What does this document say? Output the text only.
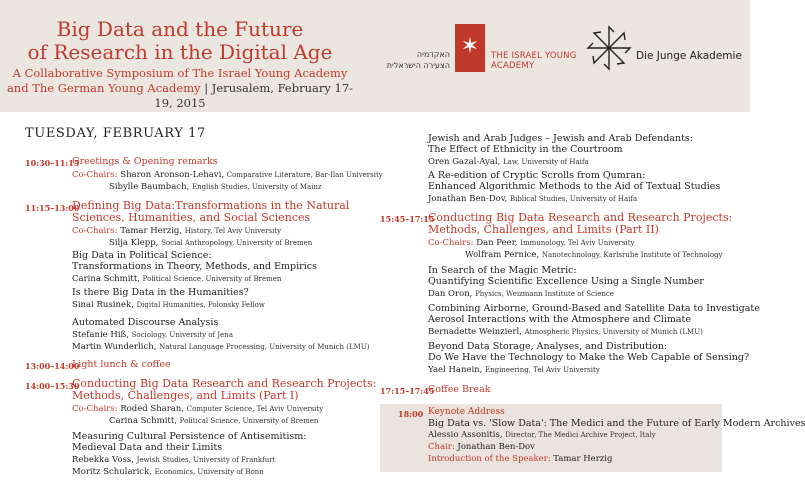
Big Data and the Future
of Research in the Digital Age
A Collaborative Symposium of The Israel Young Academy
and The German Young Academy | Jerusalem, February 17-19, 2015
✶
האקדמיה
הצעירה הישראלית
THE ISRAEL YOUNG
ACADEMY
Die Junge Akademie
TUESDAY, FEBRUARY 17
10:30–11:15
Greetings & Opening remarks
Co-Chairs: Sharon Aronson-Lehavi, Comparative Literature, Bar-Ilan University
Sibylle Baumbach, English Studies, University of Mainz
11:15–13:00
Defining Big Data:Transformations in the Natural
Sciences, Humanities, and Social Sciences
Co-Chairs: Tamar Herzig, History, Tel Aviv University
Silja Klepp, Social Anthropology, University of Bremen
Big Data in Political Science:
Transformations in Theory, Methods, and Empirics
Carina Schmitt, Political Science, University of Bremen
Is there Big Data in the Humanities?
Sinai Rusinek, Digital Humanities, Polonsky Fellow
Automated Discourse Analysis
Stefanie Hiß, Sociology, University of Jena
Martin Wunderlich, Natural Language Processing, University of Munich (LMU)
13:00–14:00
Light lunch & coffee
14:00–15:30
Conducting Big Data Research and Research Projects:
Methods, Challenges, and Limits (Part I)
Co-Chairs: Roded Sharan, Computer Science, Tel Aviv University
Carina Schmitt, Political Science, University of Bremen
Measuring Cultural Persistence of Antisemitism:
Medieval Data and their Limits
Rebekka Voss, Jewish Studies, University of Frankfurt
Moritz Schularick, Economics, University of Bonn
Jewish and Arab Judges – Jewish and Arab Defendants:
The Effect of Ethnicity in the Courtroom
Oren Gazal-Ayal, Law, University of Haifa
A Re-edition of Cryptic Scrolls from Qumran:
Enhanced Algorithmic Methods to the Aid of Textual Studies
Jonathan Ben-Dov, Biblical Studies, University of Haifa
15:45–17:15
Conducting Big Data Research and Research Projects:
Methods, Challenges, and Limits (Part II)
Co-Chairs: Dan Peer, Immunology, Tel Aviv University
Wolfram Pernice, Nanotechnology, Karlsruhe Institute of Technology
In Search of the Magic Metric:
Quantifying Scientific Excellence Using a Single Number
Dan Oron, Physics, Weizmann Institute of Science
Combining Airborne, Ground-Based and Satellite Data to Investigate
Aerosol Interactions with the Atmosphere and Climate
Bernadette Weinzierl, Atmospheric Physics, University of Munich (LMU)
Beyond Data Storage, Analyses, and Distribution:
Do We Have the Technology to Make the Web Capable of Sensing?
Yael Hanein, Engineering, Tel Aviv University
17:15–17:45
Coffee Break
18:00 Keynote Address
Big Data vs. 'Slow Data': The Medici and the Future of Early Modern Archives
Alessio Assonitis, Director, The Medici Archive Project, Italy
Chair: Jonathan Ben-Dov
Introduction of the Speaker: Tamar Herzig
